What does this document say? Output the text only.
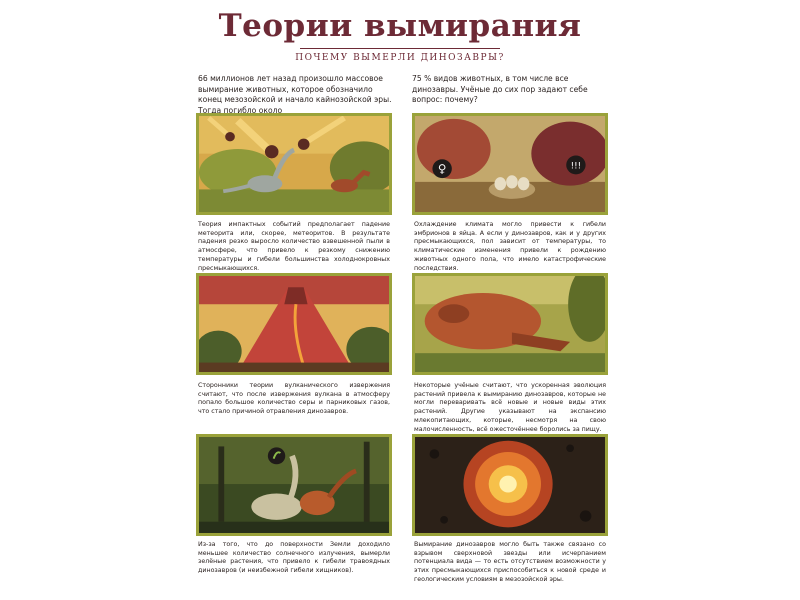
Теории вымирания
ПОЧЕМУ ВЫМЕРЛИ ДИНОЗАВРЫ?
66 миллионов лет назад произошло массовое вымирание животных, которое обозначило конец мезозойской и начало кайнозойской эры. Тогда погибло около
75 % видов животных, в том числе все динозавры. Учёные до сих пор задают себе вопрос: почему?
Теория импактных событий предполагает падение метеорита или, скорее, метеоритов. В результате падения резко выросло количество взвешенной пыли в атмосфере, что привело к резкому снижению температуры и гибели большинства холоднокровных пресмыкающихся.
♀	!!!
Охлаждение климата могло привести к гибели эмбрионов в яйца. А если у динозавров, как и у других пресмыкающихся, пол зависит от температуры, то климатические изменения привели к рождению животных одного пола, что имело катастрофические последствия.
Сторонники теории вулканического извержения считают, что после извержения вулкана в атмосферу попало большое количество серы и парниковых газов, что стало причиной отравления динозавров.
Некоторые учёные считают, что ускоренная эволюция растений привела к вымиранию динозавров, которые не могли переваривать всё новые и новые виды этих растений. Другие указывают на экспансию млекопитающих, которые, несмотря на свою малочисленность, всё ожесточённее боролись за пищу.
Из-за того, что до поверхности Земли доходило меньшее количество солнечного излучения, вымерли зелёные растения, что привело к гибели травоядных динозавров (и неизбежной гибели хищников).
Вымирание динозавров могло быть также связано со взрывом сверхновой звезды или исчерпанием потенциала вида — то есть отсутствием возможности у этих пресмыкающихся приспособиться к новой среде и геологическим условиям в мезозойской эры.
